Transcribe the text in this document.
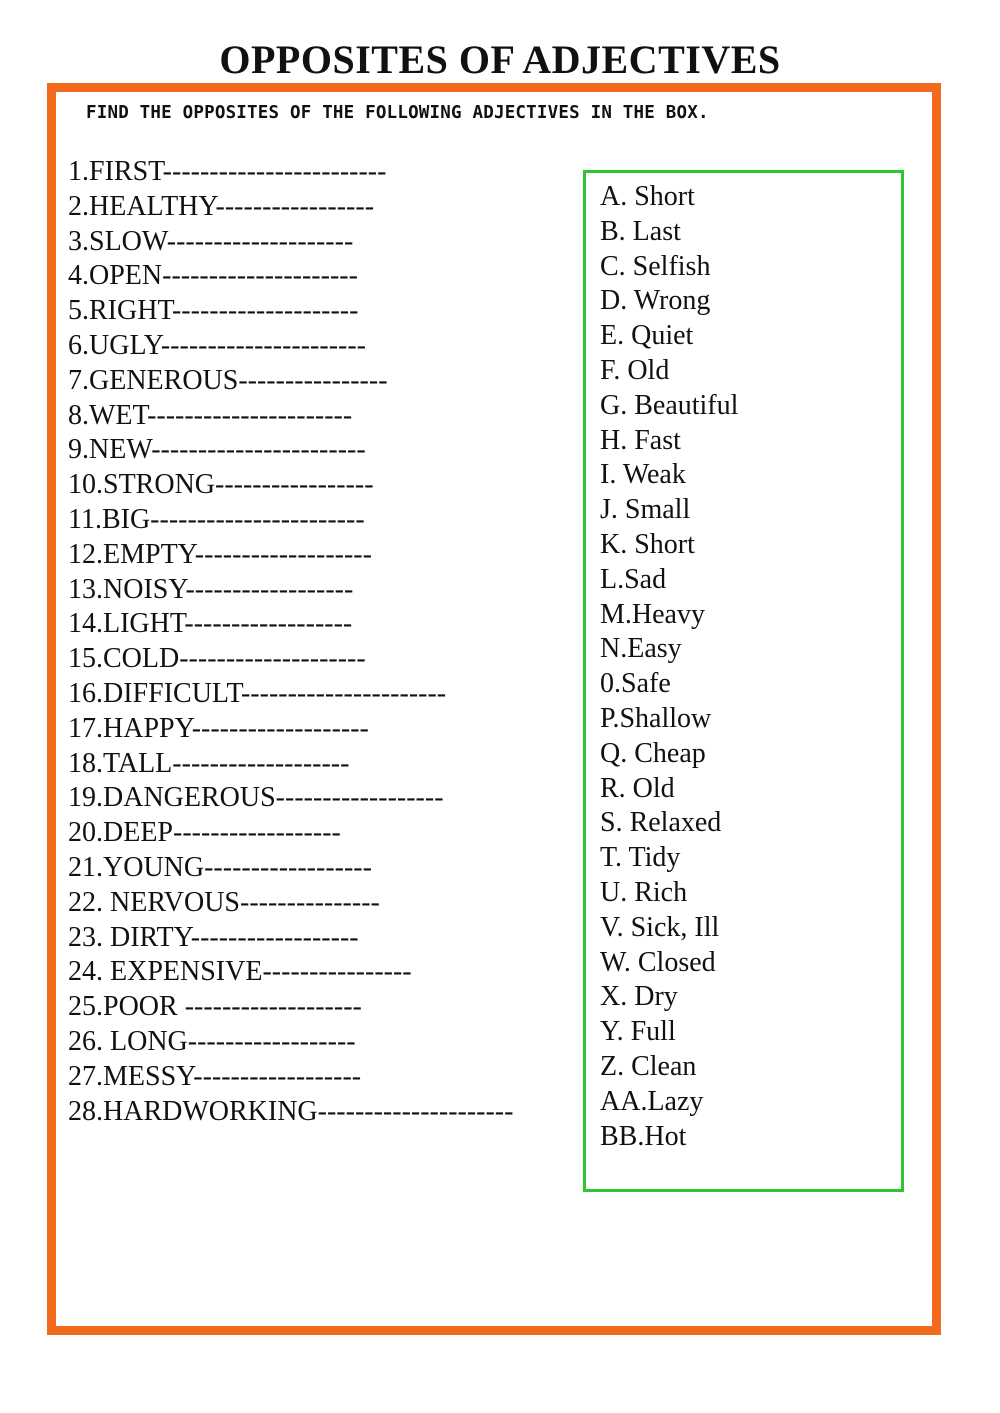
OPPOSITES OF ADJECTIVES
FIND THE OPPOSITES OF THE FOLLOWING ADJECTIVES IN THE BOX.
1.FIRST------------------------
2.HEALTHY-----------------
3.SLOW--------------------
4.OPEN---------------------
5.RIGHT--------------------
6.UGLY----------------------
7.GENEROUS----------------
8.WET----------------------
9.NEW-----------------------
10.STRONG-----------------
11.BIG-----------------------
12.EMPTY-------------------
13.NOISY------------------
14.LIGHT------------------
15.COLD--------------------
16.DIFFICULT----------------------
17.HAPPY-------------------
18.TALL-------------------
19.DANGEROUS------------------
20.DEEP------------------
21.YOUNG------------------
22. NERVOUS---------------
23. DIRTY------------------
24. EXPENSIVE----------------
25.POOR -------------------
26. LONG------------------
27.MESSY------------------
28.HARDWORKING---------------------
A. Short
B. Last
C. Selfish
D. Wrong
E. Quiet
F. Old
G. Beautiful
H. Fast
I. Weak
J. Small
K. Short
L.Sad
M.Heavy
N.Easy
0.Safe
P.Shallow
Q. Cheap
R. Old
S. Relaxed
T. Tidy
U. Rich
V. Sick, Ill
W. Closed
X. Dry
Y. Full
Z. Clean
AA.Lazy
BB.Hot
